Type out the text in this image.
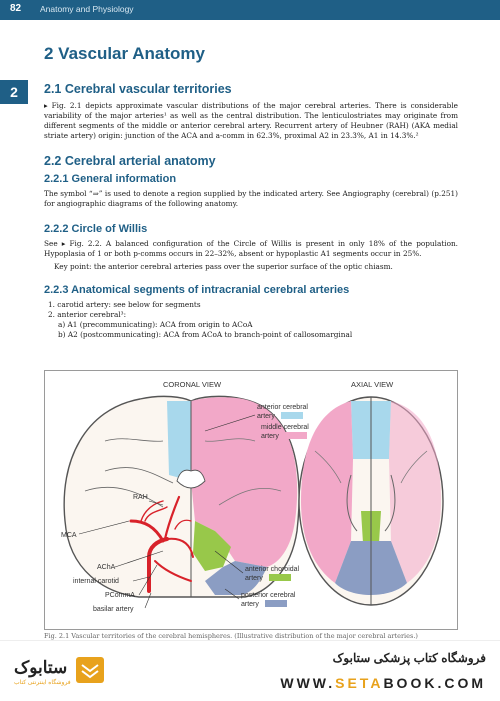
82 Anatomy and Physiology
2
2 Vascular Anatomy
2.1 Cerebral vascular territories
▸ Fig. 2.1 depicts approximate vascular distributions of the major cerebral arteries. There is considerable variability of the major arteries¹ as well as the central distribution. The lenticulostriates may originate from different segments of the middle or anterior cerebral artery. Recurrent artery of Heubner (RAH) (AKA medial striate artery) origin: junction of the ACA and a-comm in 62.3%, proximal A2 in 23.3%, A1 in 14.3%.²
2.2 Cerebral arterial anatomy
2.2.1 General information
The symbol “⇒” is used to denote a region supplied by the indicated artery. See Angiography (cerebral) (p.251) for angiographic diagrams of the following anatomy.
2.2.2 Circle of Willis
See ▸ Fig. 2.2. A balanced configuration of the Circle of Willis is present in only 18% of the population. Hypoplasia of 1 or both p-comms occurs in 22–32%, absent or hypoplastic A1 segments occur in 25%.
Key point: the anterior cerebral arteries pass over the superior surface of the optic chiasm.
2.2.3 Anatomical segments of intracranial cerebral arteries
1. carotid artery: see below for segments
2. anterior cerebral³:
a) A1 (precommunicating): ACA from origin to ACoA
b) A2 (postcommunicating): ACA from ACoA to branch-point of callosomarginal
CORONAL VIEW
RAH
MCA
AChA
internal carotid
PCommA
basilar artery
AXIAL VIEW
anterior cerebral
artery
middle cerebral
artery
anterior choroidal
artery
posterior cerebral
artery
Fig. 2.1 Vascular territories of the cerebral hemispheres. (Illustrative distribution of the major cerebral arteries.)
ستابوک
فروشگاه اینترنتی کتاب
فروشگاه کتاب پزشکی ستابوک
WWW.SETABOOK.COM
